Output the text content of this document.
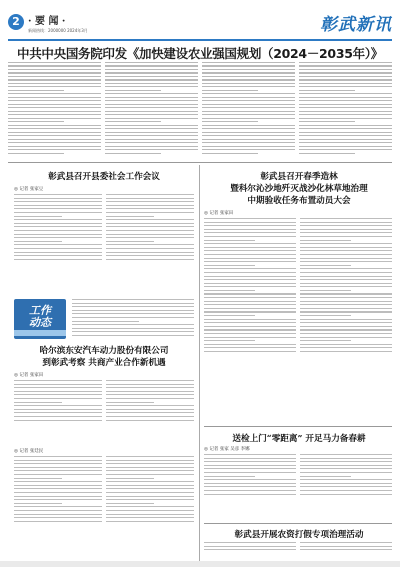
2 · 要 闻 ·
新闻热线：2000000 2024年3月	彰武新讯
中共中央国务院印发《加快建设农业强国规划（2024－2035年）》
彰武县召开县委社会工作会议
◎ 记者 张家豆
工作
动态
哈尔滨东安汽车动力股份有限公司
到彰武考察 共商产业合作新机遇
◎ 记者 张家田
◎ 记者 张廷民
彰武县召开春季造林
暨科尔沁沙地歼灭战沙化林草地治理
中期验收任务布置动员大会
◎ 记者 张家田
送检上门“零距离” 开足马力备春耕
◎ 记者 张家 吴彦 李娜
彰武县开展农资打假专项治理活动
